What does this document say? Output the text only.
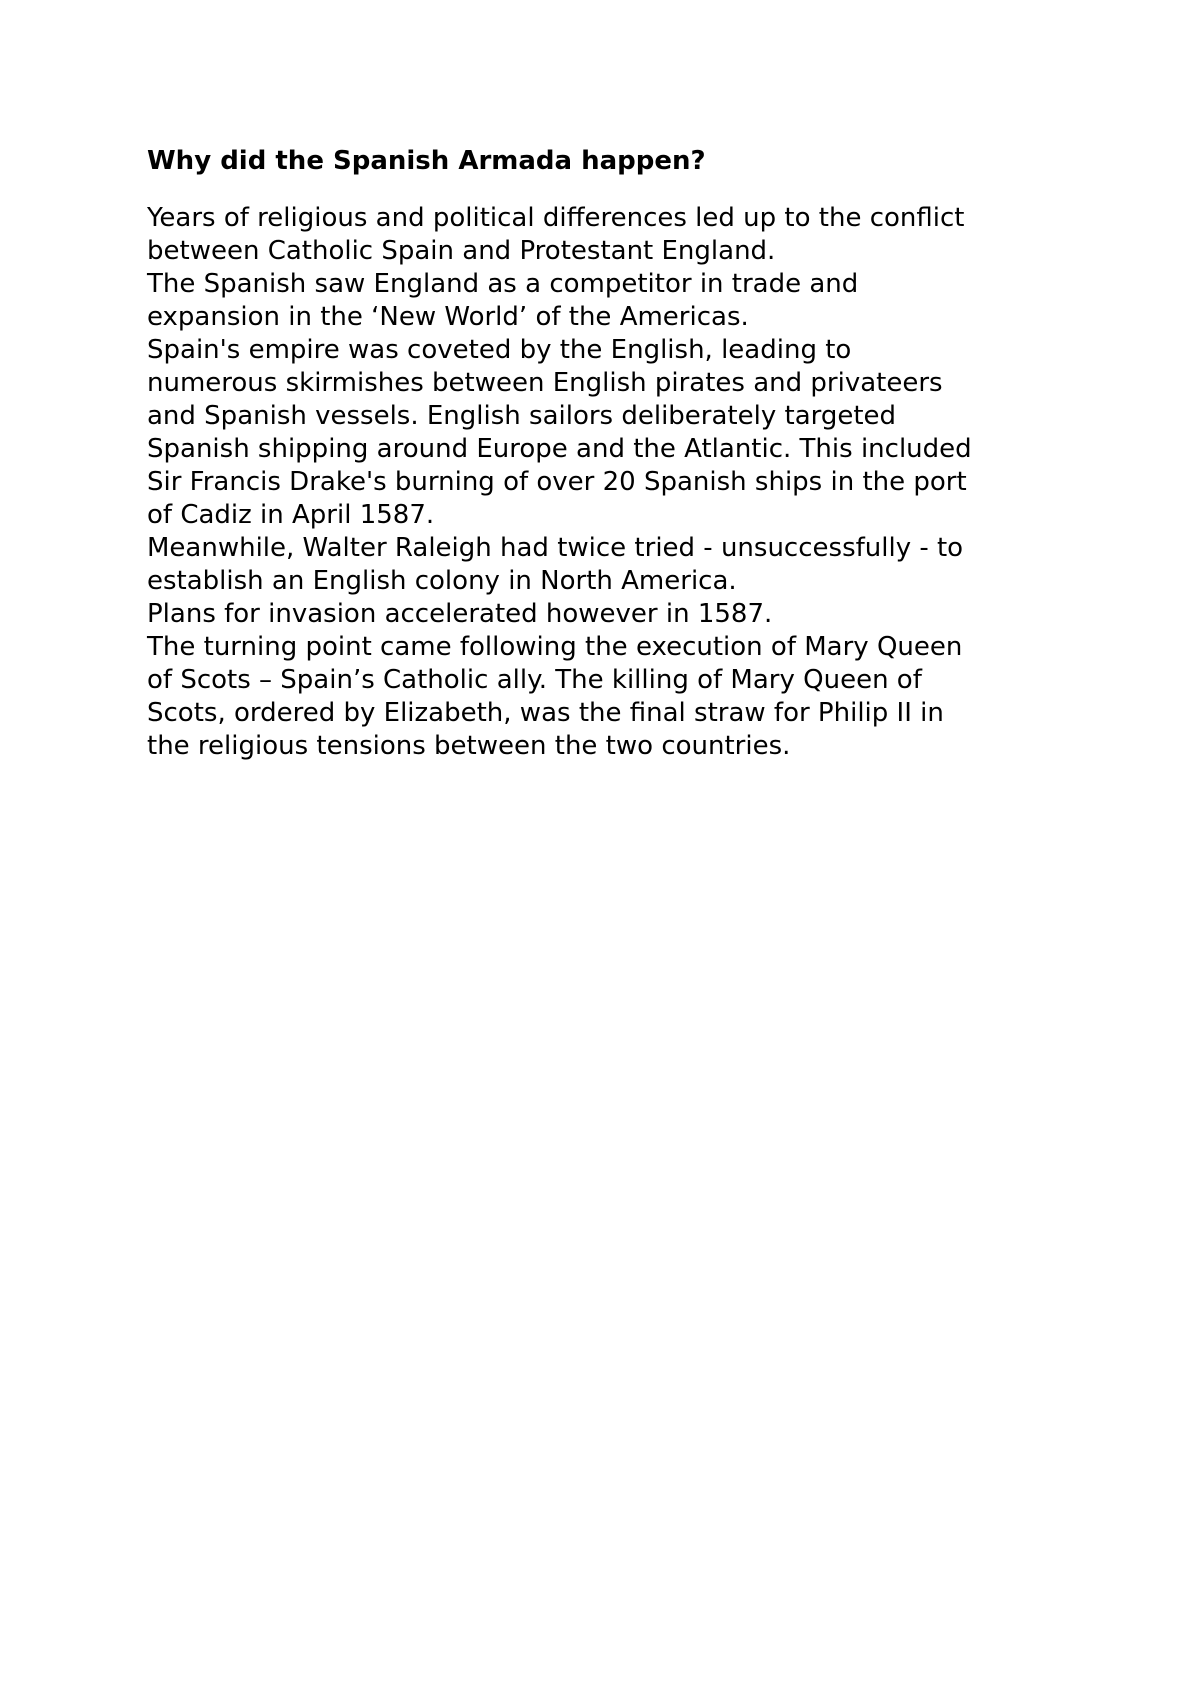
Why did the Spanish Armada happen?

Years of religious and political differences led up to the conflict
between Catholic Spain and Protestant England.

The Spanish saw England as a competitor in trade and
expansion in the ‘New World’ of the Americas.

Spain's empire was coveted by the English, leading to
numerous skirmishes between English pirates and privateers
and Spanish vessels. English sailors deliberately targeted
Spanish shipping around Europe and the Atlantic. This included
Sir Francis Drake's burning of over 20 Spanish ships in the port
of Cadiz in April 1587.

Meanwhile, Walter Raleigh had twice tried - unsuccessfully - to
establish an English colony in North America.

Plans for invasion accelerated however in 1587.

The turning point came following the execution of Mary Queen
of Scots – Spain’s Catholic ally. The killing of Mary Queen of
Scots, ordered by Elizabeth, was the final straw for Philip II in
the religious tensions between the two countries.
